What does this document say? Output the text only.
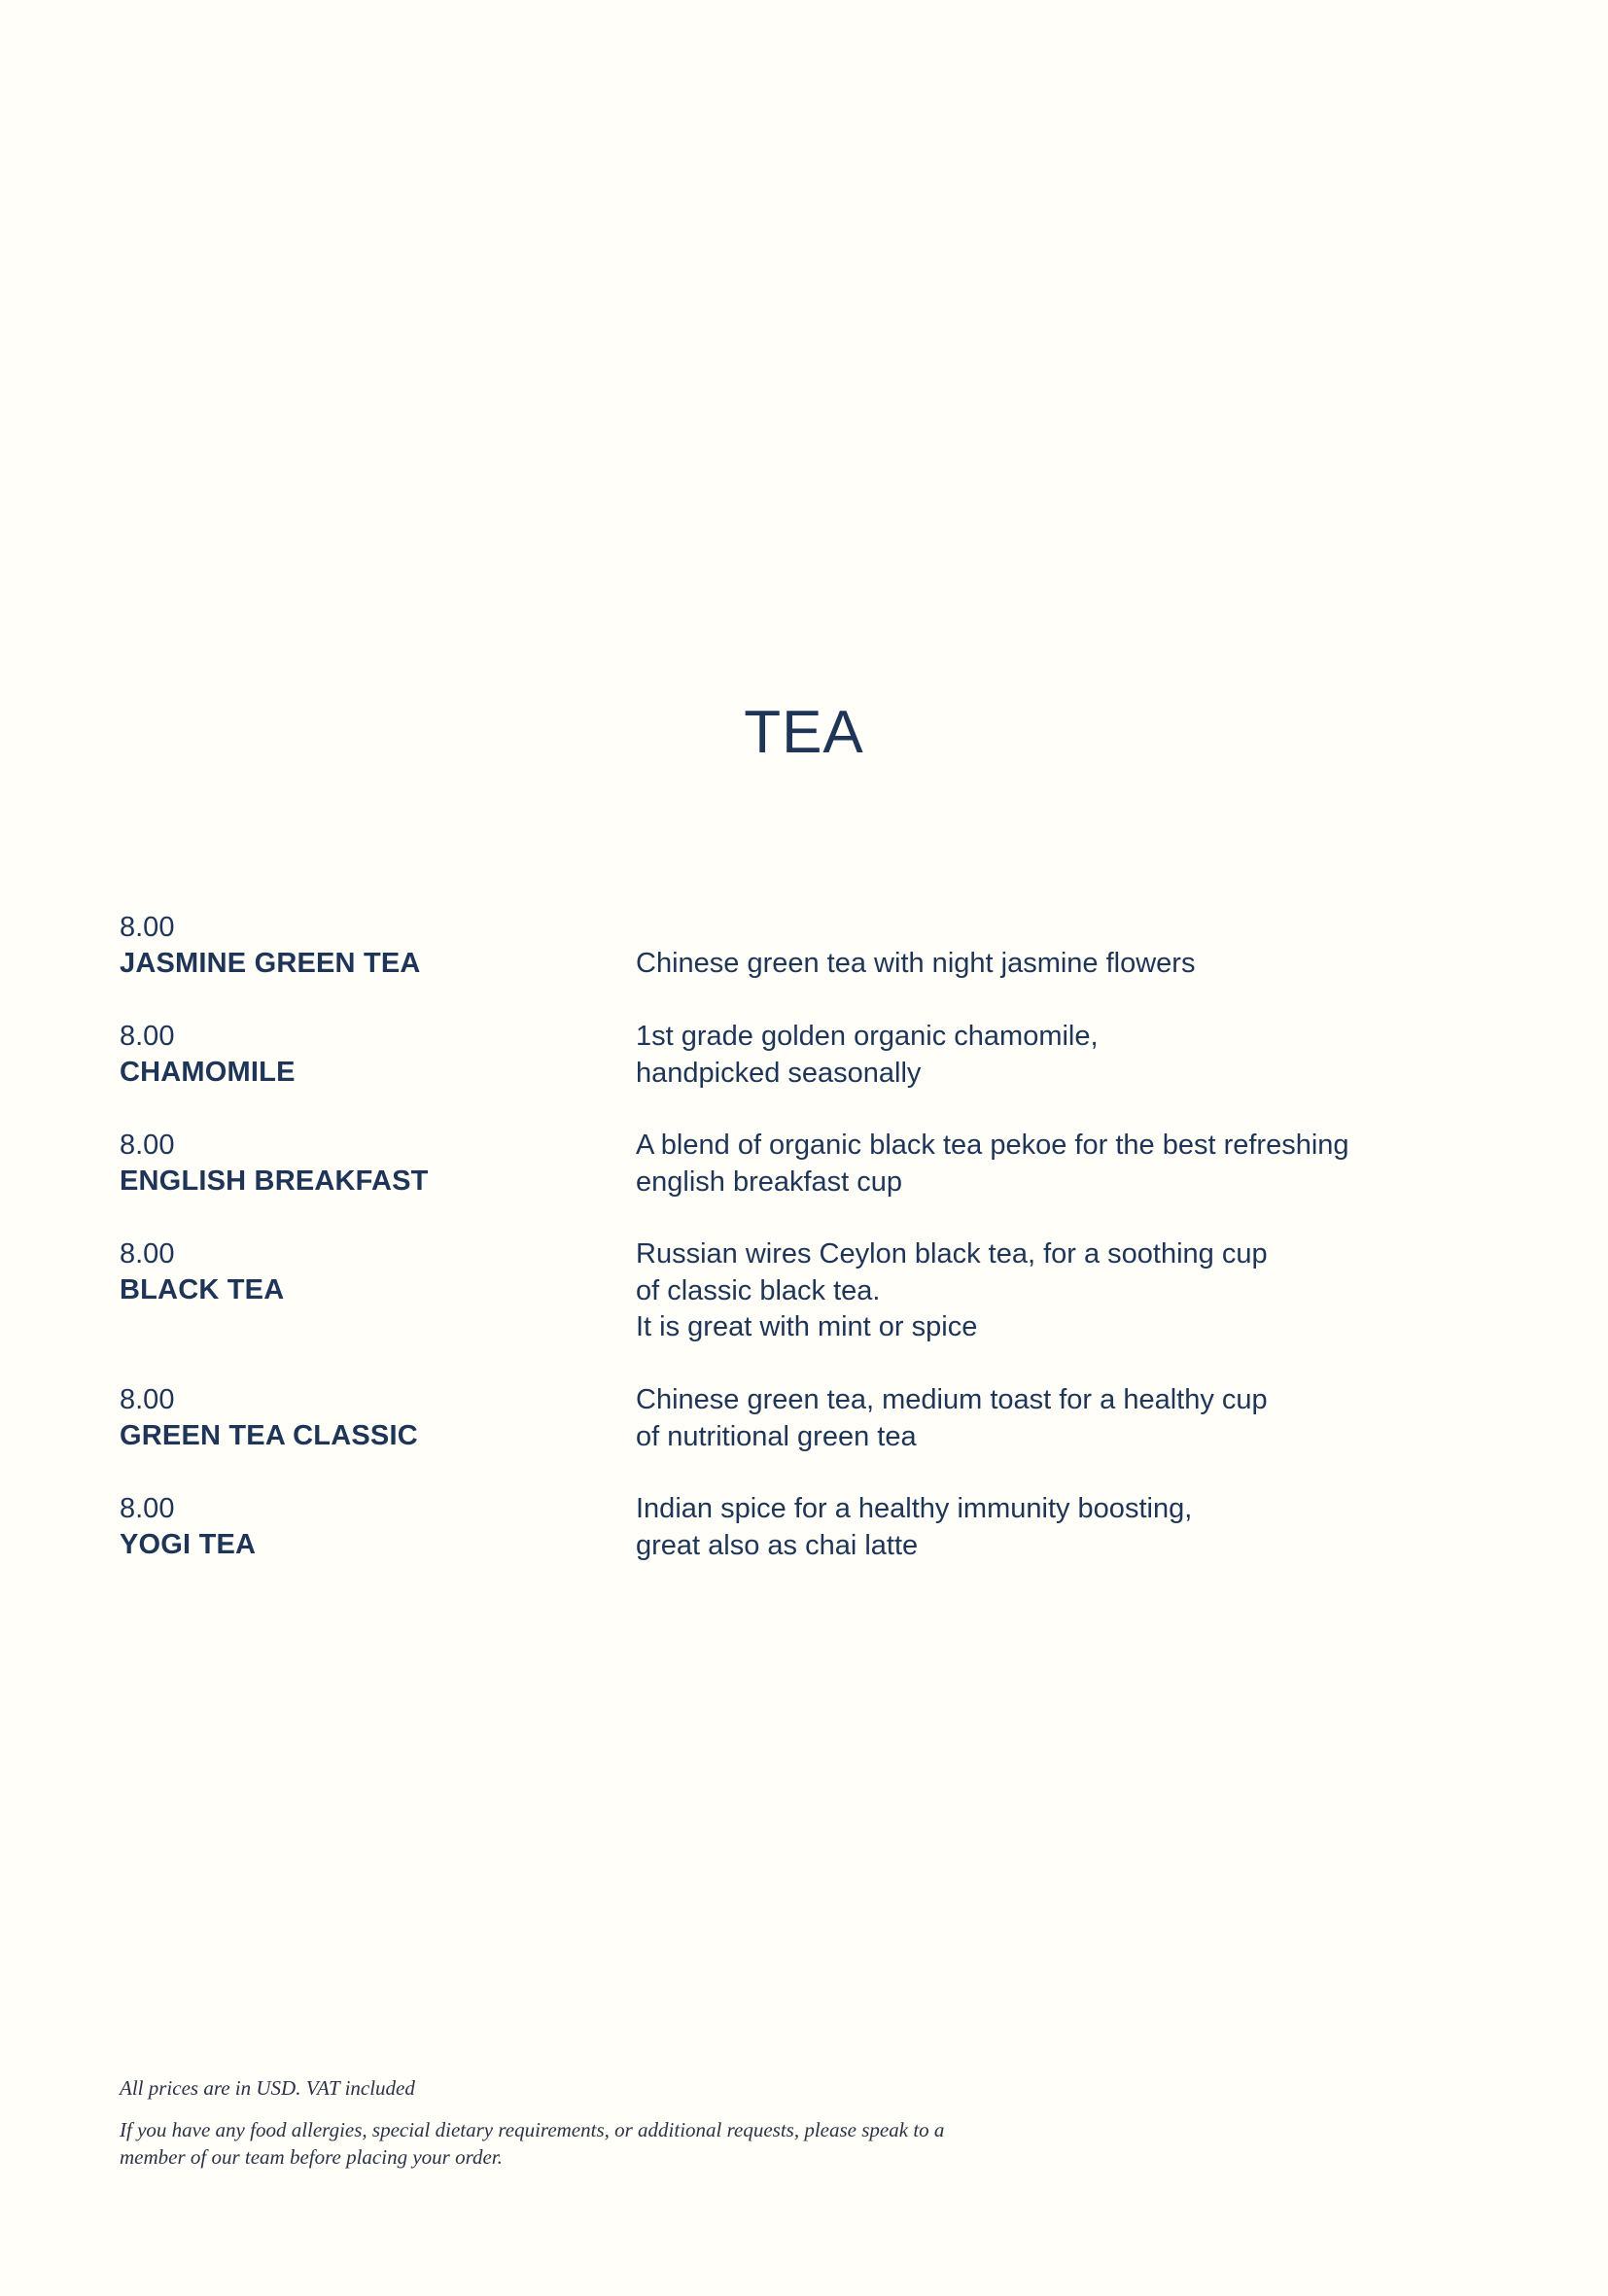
TEA
8.00
JASMINE GREEN TEA	Chinese green tea with night jasmine flowers
8.00
CHAMOMILE
1st grade golden organic chamomile,
handpicked seasonally
8.00
ENGLISH BREAKFAST
A blend of organic black tea pekoe for the best refreshing
english breakfast cup
8.00
BLACK TEA
Russian wires Ceylon black tea, for a soothing cup
of classic black tea.
It is great with mint or spice
8.00
GREEN TEA CLASSIC
Chinese green tea, medium toast for a healthy cup
of nutritional green tea
8.00
YOGI TEA
Indian spice for a healthy immunity boosting,
great also as chai latte
All prices are in USD. VAT included
If you have any food allergies, special dietary requirements, or additional requests, please speak to a member of our team before placing your order.
